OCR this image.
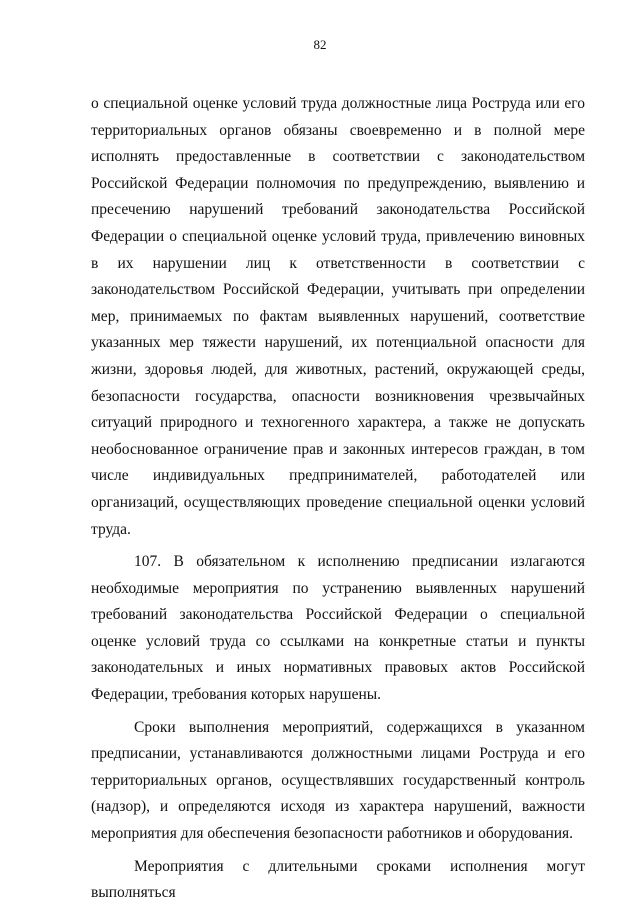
82

о специальной оценке условий труда должностные лица Роструда или его территориальных органов обязаны своевременно и в полной мере исполнять предоставленные в соответствии с законодательством Российской Федерации полномочия по предупреждению, выявлению и пресечению нарушений требований законодательства Российской Федерации о специальной оценке условий труда, привлечению виновных в их нарушении лиц к ответственности в соответствии с законодательством Российской Федерации, учитывать при определении мер, принимаемых по фактам выявленных нарушений, соответствие указанных мер тяжести нарушений, их потенциальной опасности для жизни, здоровья людей, для животных, растений, окружающей среды, безопасности государства, опасности возникновения чрезвычайных ситуаций природного и техногенного характера, а также не допускать необоснованное ограничение прав и законных интересов граждан, в том числе индивидуальных предпринимателей, работодателей или организаций, осуществляющих проведение специальной оценки условий труда.

107. В обязательном к исполнению предписании излагаются необходимые мероприятия по устранению выявленных нарушений требований законодательства Российской Федерации о специальной оценке условий труда со ссылками на конкретные статьи и пункты законодательных и иных нормативных правовых актов Российской Федерации, требования которых нарушены.

Сроки выполнения мероприятий, содержащихся в указанном предписании, устанавливаются должностными лицами Роструда и его территориальных органов, осуществлявших государственный контроль (надзор), и определяются исходя из характера нарушений, важности мероприятия для обеспечения безопасности работников и оборудования.

Мероприятия с длительными сроками исполнения могут выполняться
